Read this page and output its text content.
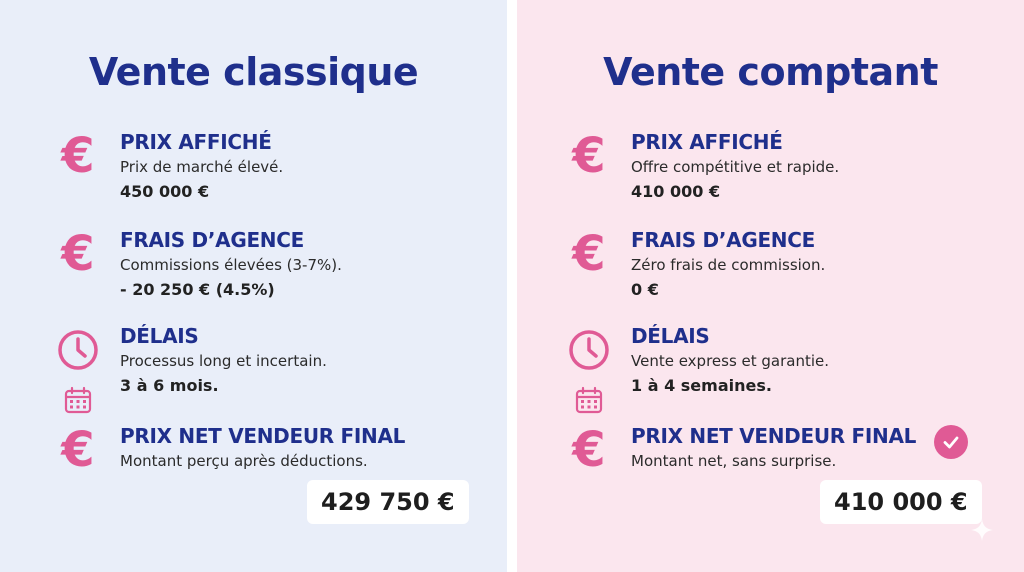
Vente classique
€ PRIX AFFICHÉ
Prix de marché élevé.
450 000 €
€ FRAIS D’AGENCE
Commissions élevées (3-7%).
- 20 250 € (4.5%)
DÉLAIS
Processus long et incertain.
3 à 6 mois.
€ PRIX NET VENDEUR FINAL
Montant perçu après déductions.
429 750 €
Vente comptant
€ PRIX AFFICHÉ
Offre compétitive et rapide.
410 000 €
€ FRAIS D’AGENCE
Zéro frais de commission.
0 €
DÉLAIS
Vente express et garantie.
1 à 4 semaines.
€ PRIX NET VENDEUR FINAL
Montant net, sans surprise.
410 000 €
